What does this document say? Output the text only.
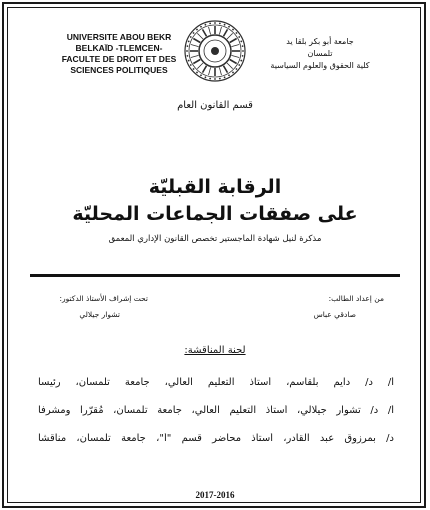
UNIVERSITE ABOU BEKR
BELKAÏD -TLEMCEN-
FACULTE DE DROIT ET DES
SCIENCES POLITIQUES
جامعة أبو بكر بلقا يد
تلمسان
كلية الحقوق والعلوم السياسية
قسم القانون العام
الرقابة القبليّة
على صفقات الجماعات المحليّة
مذكرة لنيل شهادة الماجستير تخصص القانون الإداري المعمق
من إعداد الطالب:
صادقي عباس
تحت إشراف الأستاذ الدكتور:
تشوار جيلالي
لجنة المناقشة:
أ/ د/ دايم بلقاسم، أستاذ التعليم العالي، جامعة تلمسان، رئيسا
أ/ د/ تشوار جيلالي، أستاذ التعليم العالي، جامعة تلمسان، مُقرّرا ومشرفا
د/ بمرزوق عبد القادر، أستاذ محاضر قسم "أ"، جامعة تلمسان، مناقشا
2017-2016
